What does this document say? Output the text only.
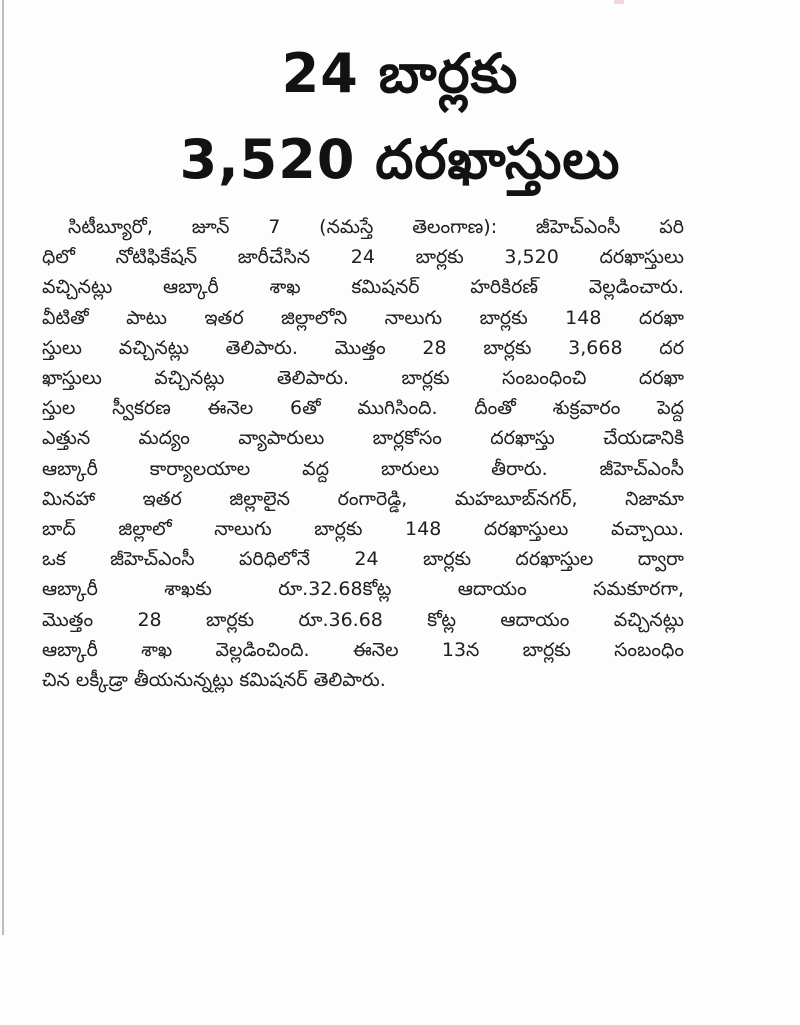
24 బార్లకు
3,520 దరఖాస్తులు

సిటీబ్యూరో, జూన్ 7 (నమస్తే తెలంగాణ): జీహెచ్‌ఎంసీ పరి
ధిలో నోటిఫికేషన్ జారీచేసిన 24 బార్లకు 3,520 దరఖాస్తులు
వచ్చినట్లు ఆబ్కారీ శాఖ కమిషనర్ హరికిరణ్ వెల్లడించారు.
వీటితో పాటు ఇతర జిల్లాలోని నాలుగు బార్లకు 148 దరఖా
స్తులు వచ్చినట్లు తెలిపారు. మొత్తం 28 బార్లకు 3,668 దర
ఖాస్తులు వచ్చినట్లు తెలిపారు. బార్లకు సంబంధించి దరఖా
స్తుల స్వీకరణ ఈనెల 6తో ముగిసింది. దీంతో శుక్రవారం పెద్ద
ఎత్తున మద్యం వ్యాపారులు బార్లకోసం దరఖాస్తు చేయడానికి
ఆబ్కారీ కార్యాలయాల వద్ద బారులు తీరారు. జీహెచ్‌ఎంసీ
మినహా ఇతర జిల్లాలైన రంగారెడ్డి, మహబూబ్‌నగర్, నిజామా
బాద్ జిల్లాలో నాలుగు బార్లకు 148 దరఖాస్తులు వచ్చాయి.
ఒక జీహెచ్‌ఎంసీ పరిధిలోనే 24 బార్లకు దరఖాస్తుల ద్వారా
ఆబ్కారీ శాఖకు రూ.32.68కోట్ల ఆదాయం సమకూరగా,
మొత్తం 28 బార్లకు రూ.36.68 కోట్ల ఆదాయం వచ్చినట్లు
ఆబ్కారీ శాఖ వెల్లడించింది. ఈనెల 13న బార్లకు సంబంధిం
చిన లక్కీడ్రా తీయనున్నట్లు కమిషనర్ తెలిపారు.
